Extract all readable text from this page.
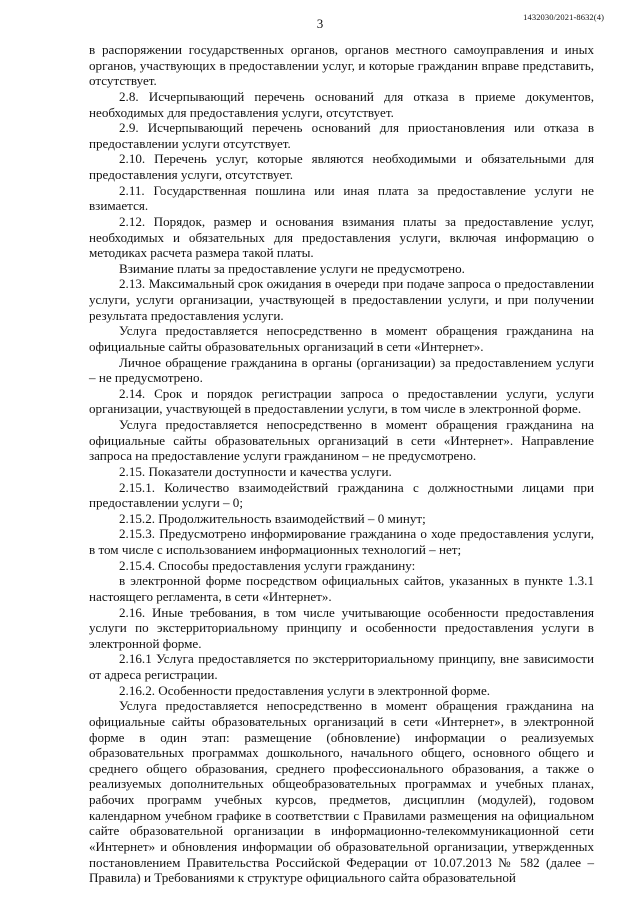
3	1432030/2021-8632(4)

в распоряжении государственных органов, органов местного самоуправления и иных органов, участвующих в предоставлении услуг, и которые гражданин вправе представить, отсутствует.

2.8. Исчерпывающий перечень оснований для отказа в приеме документов, необходимых для предоставления услуги, отсутствует.

2.9. Исчерпывающий перечень оснований для приостановления или отказа в предоставлении услуги отсутствует.

2.10. Перечень услуг, которые являются необходимыми и обязательными для предоставления услуги, отсутствует.

2.11. Государственная пошлина или иная плата за предоставление услуги не взимается.

2.12. Порядок, размер и основания взимания платы за предоставление услуг, необходимых и обязательных для предоставления услуги, включая информацию о методиках расчета размера такой платы.

Взимание платы за предоставление услуги не предусмотрено.

2.13. Максимальный срок ожидания в очереди при подаче запроса о предоставлении услуги, услуги организации, участвующей в предоставлении услуги, и при получении результата предоставления услуги.

Услуга предоставляется непосредственно в момент обращения гражданина на официальные сайты образовательных организаций в сети «Интернет».

Личное обращение гражданина в органы (организации) за предоставлением услуги – не предусмотрено.

2.14. Срок и порядок регистрации запроса о предоставлении услуги, услуги организации, участвующей в предоставлении услуги, в том числе в электронной форме.

Услуга предоставляется непосредственно в момент обращения гражданина на официальные сайты образовательных организаций в сети «Интернет». Направление запроса на предоставление услуги гражданином – не предусмотрено.

2.15. Показатели доступности и качества услуги.

2.15.1. Количество взаимодействий гражданина с должностными лицами при предоставлении услуги – 0;

2.15.2. Продолжительность взаимодействий – 0 минут;

2.15.3. Предусмотрено информирование гражданина о ходе предоставления услуги, в том числе с использованием информационных технологий – нет;

2.15.4. Способы предоставления услуги гражданину:

в электронной форме посредством официальных сайтов, указанных в пункте 1.3.1 настоящего регламента, в сети «Интернет».

2.16. Иные требования, в том числе учитывающие особенности предоставления услуги по экстерриториальному принципу и особенности предоставления услуги в электронной форме.

2.16.1 Услуга предоставляется по экстерриториальному принципу, вне зависимости от адреса регистрации.

2.16.2. Особенности предоставления услуги в электронной форме.

Услуга предоставляется непосредственно в момент обращения гражданина на официальные сайты образовательных организаций в сети «Интернет», в электронной форме в один этап: размещение (обновление) информации о реализуемых образовательных программах дошкольного, начального общего, основного общего и среднего общего образования, среднего профессионального образования, а также о реализуемых дополнительных общеобразовательных программах и учебных планах, рабочих программ учебных курсов, предметов, дисциплин (модулей), годовом календарном учебном графике в соответствии с Правилами размещения на официальном сайте образовательной организации в информационно-телекоммуникационной сети «Интернет» и обновления информации об образовательной организации, утвержденных постановлением Правительства Российской Федерации от 10.07.2013 № 582 (далее – Правила) и Требованиями к структуре официального сайта образовательной
